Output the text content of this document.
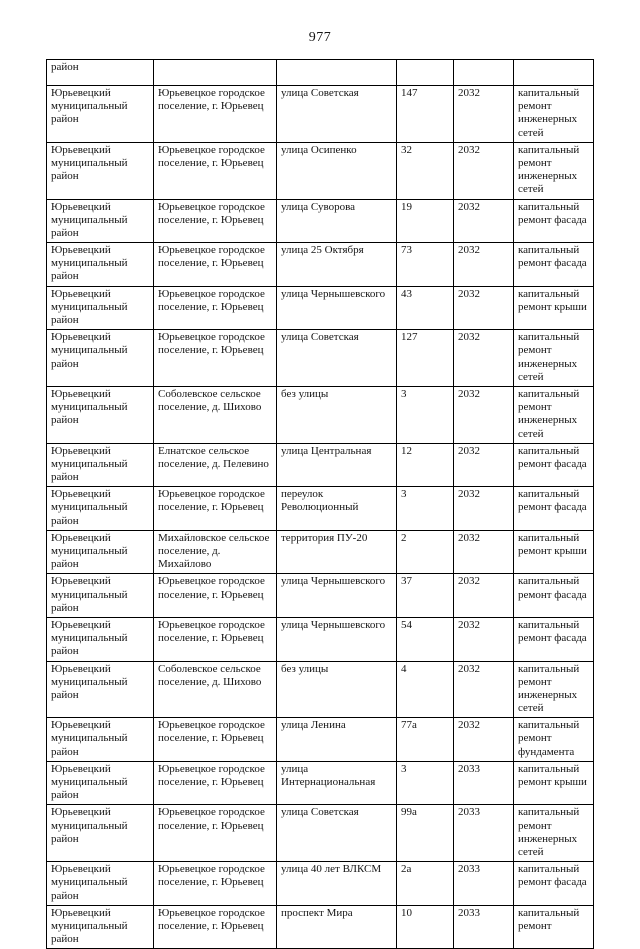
977
район					
Юрьевецкий муниципальный район	Юрьевецкое городское поселение, г. Юрьевец	улица Советская	147	2032	капитальный ремонт инженерных сетей
Юрьевецкий муниципальный район	Юрьевецкое городское поселение, г. Юрьевец	улица Осипенко	32	2032	капитальный ремонт инженерных сетей
Юрьевецкий муниципальный район	Юрьевецкое городское поселение, г. Юрьевец	улица Суворова	19	2032	капитальный ремонт фасада
Юрьевецкий муниципальный район	Юрьевецкое городское поселение, г. Юрьевец	улица 25 Октября	73	2032	капитальный ремонт фасада
Юрьевецкий муниципальный район	Юрьевецкое городское поселение, г. Юрьевец	улица Чернышевского	43	2032	капитальный ремонт крыши
Юрьевецкий муниципальный район	Юрьевецкое городское поселение, г. Юрьевец	улица Советская	127	2032	капитальный ремонт инженерных сетей
Юрьевецкий муниципальный район	Соболевское сельское поселение, д. Шихово	без улицы	3	2032	капитальный ремонт инженерных сетей
Юрьевецкий муниципальный район	Елнатское сельское поселение, д. Пелевино	улица Центральная	12	2032	капитальный ремонт фасада
Юрьевецкий муниципальный район	Юрьевецкое городское поселение, г. Юрьевец	переулок Революционный	3	2032	капитальный ремонт фасада
Юрьевецкий муниципальный район	Михайловское сельское поселение, д. Михайлово	территория ПУ-20	2	2032	капитальный ремонт крыши
Юрьевецкий муниципальный район	Юрьевецкое городское поселение, г. Юрьевец	улица Чернышевского	37	2032	капитальный ремонт фасада
Юрьевецкий муниципальный район	Юрьевецкое городское поселение, г. Юрьевец	улица Чернышевского	54	2032	капитальный ремонт фасада
Юрьевецкий муниципальный район	Соболевское сельское поселение, д. Шихово	без улицы	4	2032	капитальный ремонт инженерных сетей
Юрьевецкий муниципальный район	Юрьевецкое городское поселение, г. Юрьевец	улица Ленина	77а	2032	капитальный ремонт фундамента
Юрьевецкий муниципальный район	Юрьевецкое городское поселение, г. Юрьевец	улица Интернациональная	3	2033	капитальный ремонт крыши
Юрьевецкий муниципальный район	Юрьевецкое городское поселение, г. Юрьевец	улица Советская	99а	2033	капитальный ремонт инженерных сетей
Юрьевецкий муниципальный район	Юрьевецкое городское поселение, г. Юрьевец	улица 40 лет ВЛКСМ	2а	2033	капитальный ремонт фасада
Юрьевецкий муниципальный район	Юрьевецкое городское поселение, г. Юрьевец	проспект Мира	10	2033	капитальный ремонт
